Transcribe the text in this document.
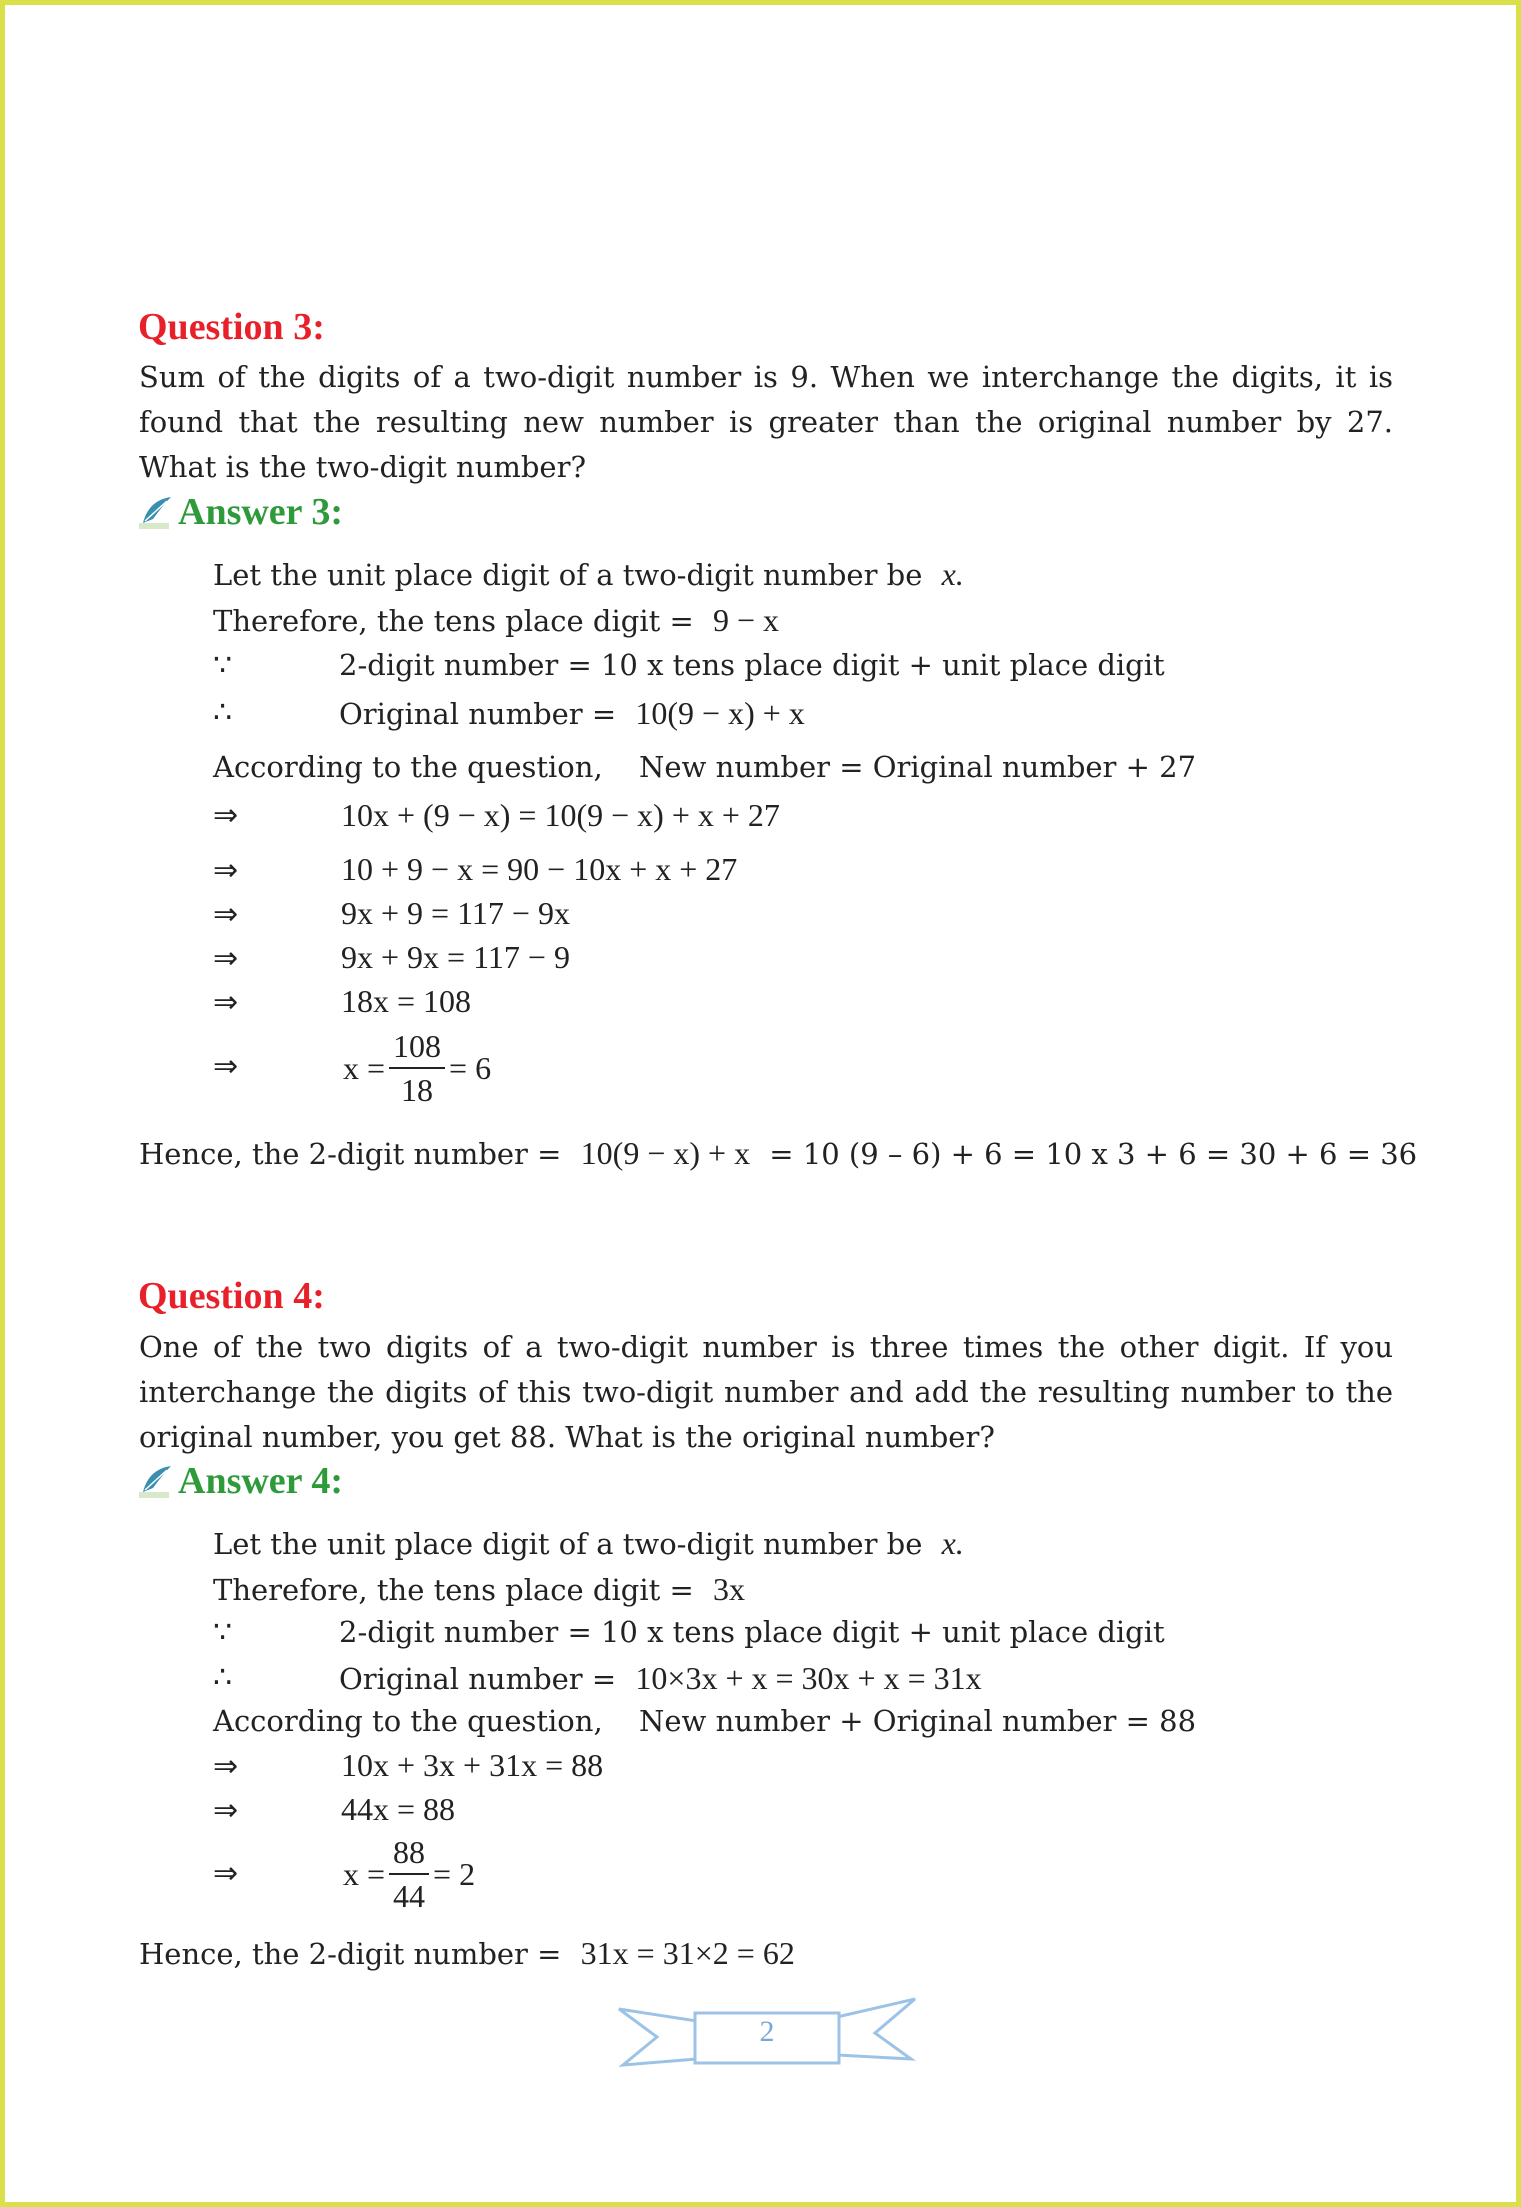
Question 3:
Sum of the digits of a two-digit number is 9. When we interchange the digits, it is found that the resulting new number is greater than the original number by 27. What is the two-digit number?
Answer 3:
Let the unit place digit of a two-digit number be x.
Therefore, the tens place digit = 9 − x
∵	2-digit number = 10 x tens place digit + unit place digit
∴	Original number = 10(9 − x) + x
According to the question, New number = Original number + 27
⇒	10x + (9 − x) = 10(9 − x) + x + 27
⇒	10 + 9 − x = 90 − 10x + x + 27
⇒	9x + 9 = 117 − 9x
⇒	9x + 9x = 117 − 9
⇒	18x = 108
⇒	$x = \frac{108}{18} = 6$
Hence, the 2-digit number = 10(9 − x) + x = 10 (9 – 6) + 6 = 10 x 3 + 6 = 30 + 6 = 36
Question 4:
One of the two digits of a two-digit number is three times the other digit. If you interchange the digits of this two-digit number and add the resulting number to the original number, you get 88. What is the original number?
Answer 4:
Let the unit place digit of a two-digit number be x.
Therefore, the tens place digit = 3x
∵	2-digit number = 10 x tens place digit + unit place digit
∴	Original number = 10×3x + x = 30x + x = 31x
According to the question, New number + Original number = 88
⇒	10x + 3x + 31x = 88
⇒	44x = 88
⇒	$x = \frac{88}{44} = 2$
Hence, the 2-digit number = 31x = 31×2 = 62
2
